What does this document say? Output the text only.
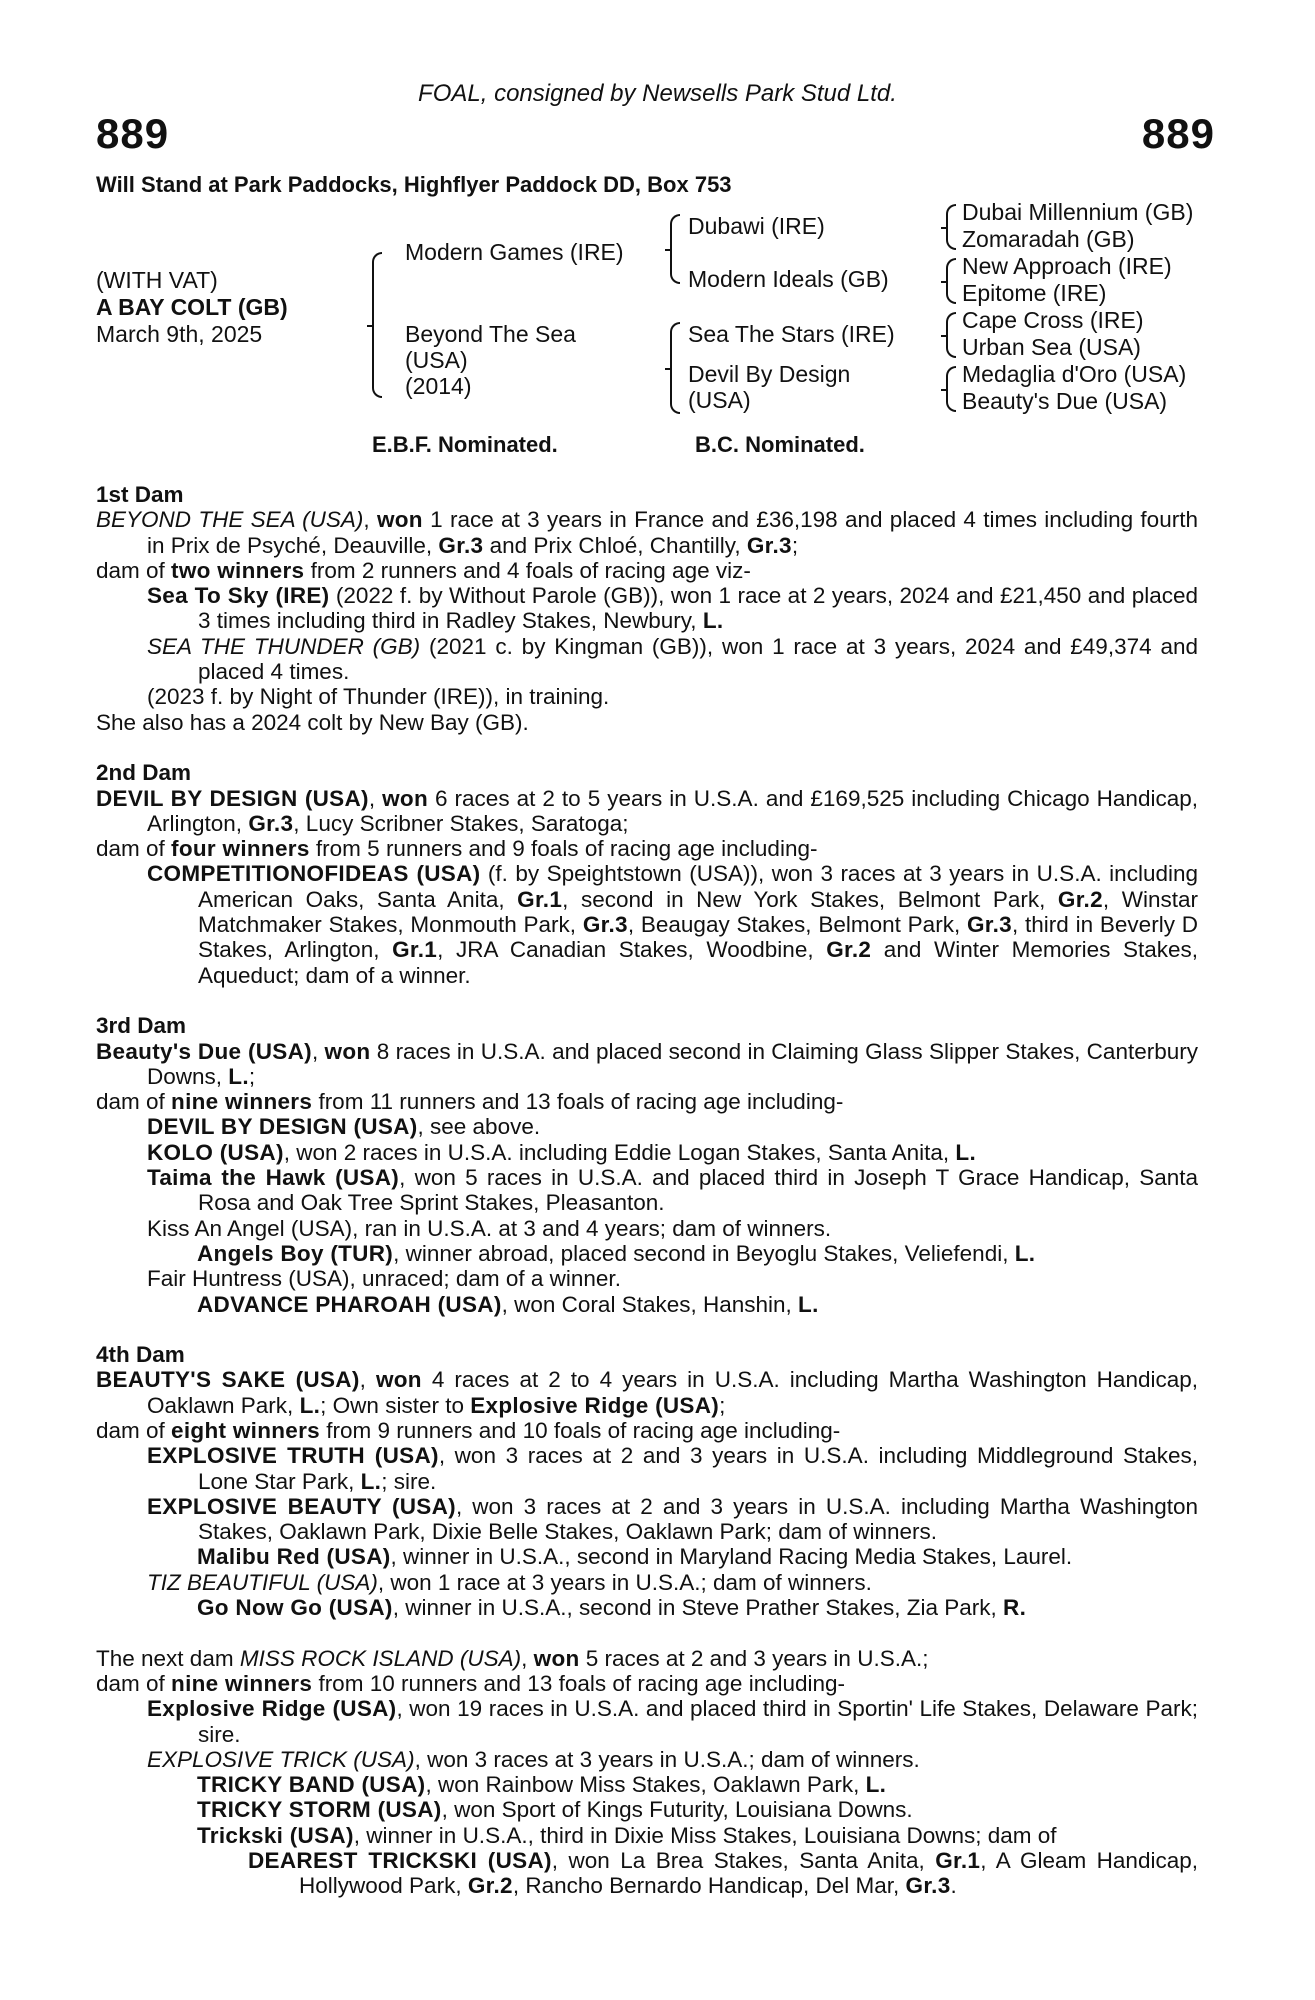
FOAL, consigned by Newsells Park Stud Ltd.
889	889
Will Stand at Park Paddocks, Highflyer Paddock DD, Box 753
(WITH VAT)
A BAY COLT (GB)
March 9th, 2025
Modern Games (IRE)
Beyond The Sea
(USA)
(2014)
Dubawi (IRE)
Modern Ideals (GB)
Sea The Stars (IRE)
Devil By Design
(USA)
Dubai Millennium (GB)
Zomaradah (GB)
New Approach (IRE)
Epitome (IRE)
Cape Cross (IRE)
Urban Sea (USA)
Medaglia d'Oro (USA)
Beauty's Due (USA)
E.B.F. Nominated.	B.C. Nominated.
1st Dam
BEYOND THE SEA (USA), won 1 race at 3 years in France and £36,198 and placed 4 times including fourth in Prix de Psyché, Deauville, Gr.3 and Prix Chloé, Chantilly, Gr.3;
dam of two winners from 2 runners and 4 foals of racing age viz-
Sea To Sky (IRE) (2022 f. by Without Parole (GB)), won 1 race at 2 years, 2024 and £21,450 and placed 3 times including third in Radley Stakes, Newbury, L.
SEA THE THUNDER (GB) (2021 c. by Kingman (GB)), won 1 race at 3 years, 2024 and £49,374 and placed 4 times.
(2023 f. by Night of Thunder (IRE)), in training.
She also has a 2024 colt by New Bay (GB).
2nd Dam
DEVIL BY DESIGN (USA), won 6 races at 2 to 5 years in U.S.A. and £169,525 including Chicago Handicap, Arlington, Gr.3, Lucy Scribner Stakes, Saratoga;
dam of four winners from 5 runners and 9 foals of racing age including-
COMPETITIONOFIDEAS (USA) (f. by Speightstown (USA)), won 3 races at 3 years in U.S.A. including American Oaks, Santa Anita, Gr.1, second in New York Stakes, Belmont Park, Gr.2, Winstar Matchmaker Stakes, Monmouth Park, Gr.3, Beaugay Stakes, Belmont Park, Gr.3, third in Beverly D Stakes, Arlington, Gr.1, JRA Canadian Stakes, Woodbine, Gr.2 and Winter Memories Stakes, Aqueduct; dam of a winner.
3rd Dam
Beauty's Due (USA), won 8 races in U.S.A. and placed second in Claiming Glass Slipper Stakes, Canterbury Downs, L.;
dam of nine winners from 11 runners and 13 foals of racing age including-
DEVIL BY DESIGN (USA), see above.
KOLO (USA), won 2 races in U.S.A. including Eddie Logan Stakes, Santa Anita, L.
Taima the Hawk (USA), won 5 races in U.S.A. and placed third in Joseph T Grace Handicap, Santa Rosa and Oak Tree Sprint Stakes, Pleasanton.
Kiss An Angel (USA), ran in U.S.A. at 3 and 4 years; dam of winners.
Angels Boy (TUR), winner abroad, placed second in Beyoglu Stakes, Veliefendi, L.
Fair Huntress (USA), unraced; dam of a winner.
ADVANCE PHAROAH (USA), won Coral Stakes, Hanshin, L.
4th Dam
BEAUTY'S SAKE (USA), won 4 races at 2 to 4 years in U.S.A. including Martha Washington Handicap, Oaklawn Park, L.; Own sister to Explosive Ridge (USA);
dam of eight winners from 9 runners and 10 foals of racing age including-
EXPLOSIVE TRUTH (USA), won 3 races at 2 and 3 years in U.S.A. including Middleground Stakes, Lone Star Park, L.; sire.
EXPLOSIVE BEAUTY (USA), won 3 races at 2 and 3 years in U.S.A. including Martha Washington Stakes, Oaklawn Park, Dixie Belle Stakes, Oaklawn Park; dam of winners.
Malibu Red (USA), winner in U.S.A., second in Maryland Racing Media Stakes, Laurel.
TIZ BEAUTIFUL (USA), won 1 race at 3 years in U.S.A.; dam of winners.
Go Now Go (USA), winner in U.S.A., second in Steve Prather Stakes, Zia Park, R.
The next dam MISS ROCK ISLAND (USA), won 5 races at 2 and 3 years in U.S.A.;
dam of nine winners from 10 runners and 13 foals of racing age including-
Explosive Ridge (USA), won 19 races in U.S.A. and placed third in Sportin' Life Stakes, Delaware Park; sire.
EXPLOSIVE TRICK (USA), won 3 races at 3 years in U.S.A.; dam of winners.
TRICKY BAND (USA), won Rainbow Miss Stakes, Oaklawn Park, L.
TRICKY STORM (USA), won Sport of Kings Futurity, Louisiana Downs.
Trickski (USA), winner in U.S.A., third in Dixie Miss Stakes, Louisiana Downs; dam of
DEAREST TRICKSKI (USA), won La Brea Stakes, Santa Anita, Gr.1, A Gleam Handicap, Hollywood Park, Gr.2, Rancho Bernardo Handicap, Del Mar, Gr.3.
